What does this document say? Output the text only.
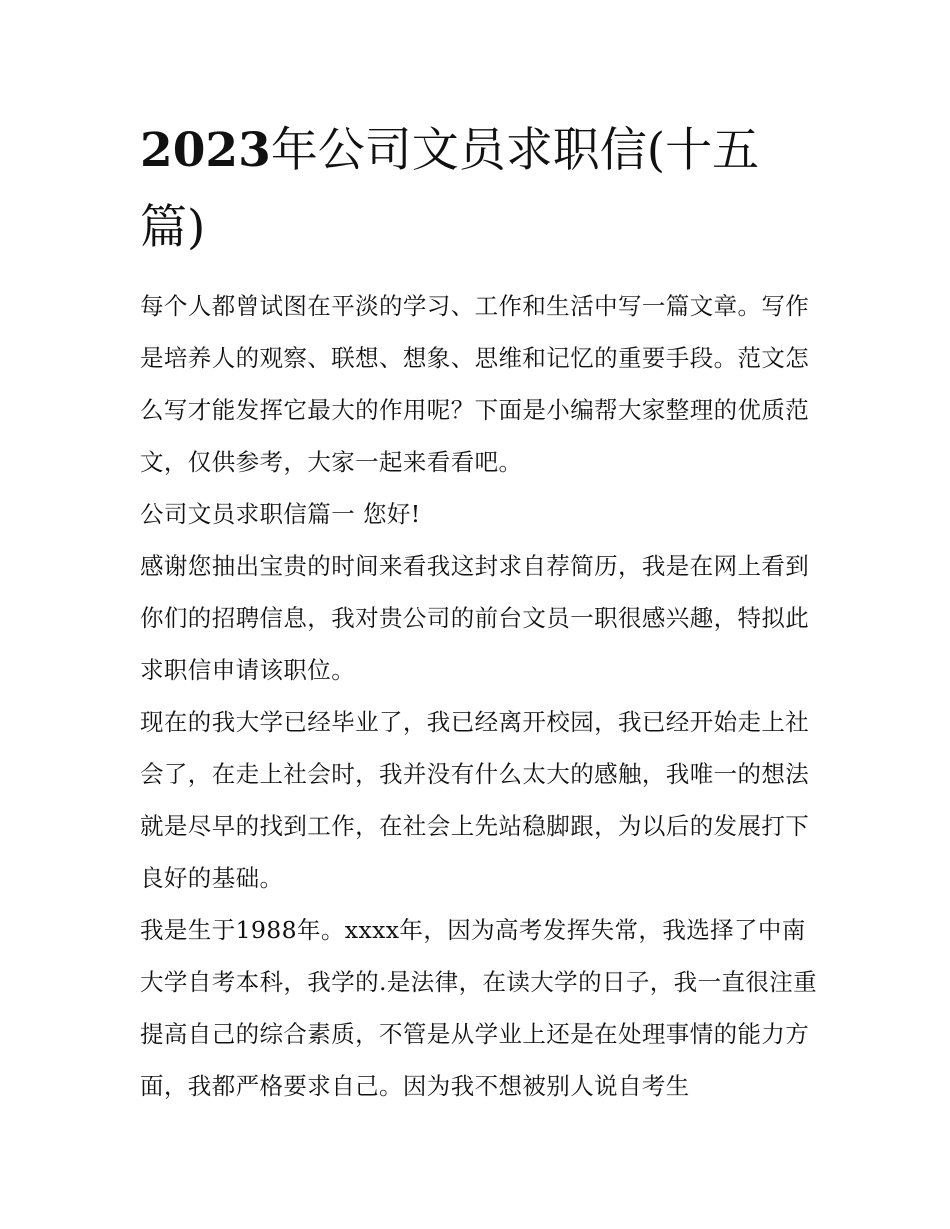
2023年公司文员求职信(十五篇)

每个人都曾试图在平淡的学习、工作和生活中写一篇文章。写作是培养人的观察、联想、想象、思维和记忆的重要手段。范文怎么写才能发挥它最大的作用呢？下面是小编帮大家整理的优质范文，仅供参考，大家一起来看看吧。

公司文员求职信篇一 您好!

感谢您抽出宝贵的时间来看我这封求自荐简历，我是在网上看到你们的招聘信息，我对贵公司的前台文员一职很感兴趣，特拟此求职信申请该职位。

现在的我大学已经毕业了，我已经离开校园，我已经开始走上社会了，在走上社会时，我并没有什么太大的感触，我唯一的想法就是尽早的找到工作，在社会上先站稳脚跟，为以后的发展打下良好的基础。

我是生于1988年。xxxx年，因为高考发挥失常，我选择了中南大学自考本科，我学的.是法律，在读大学的日子，我一直很注重提高自己的综合素质，不管是从学业上还是在处理事情的能力方面，我都严格要求自己。因为我不想被别人说自考生
